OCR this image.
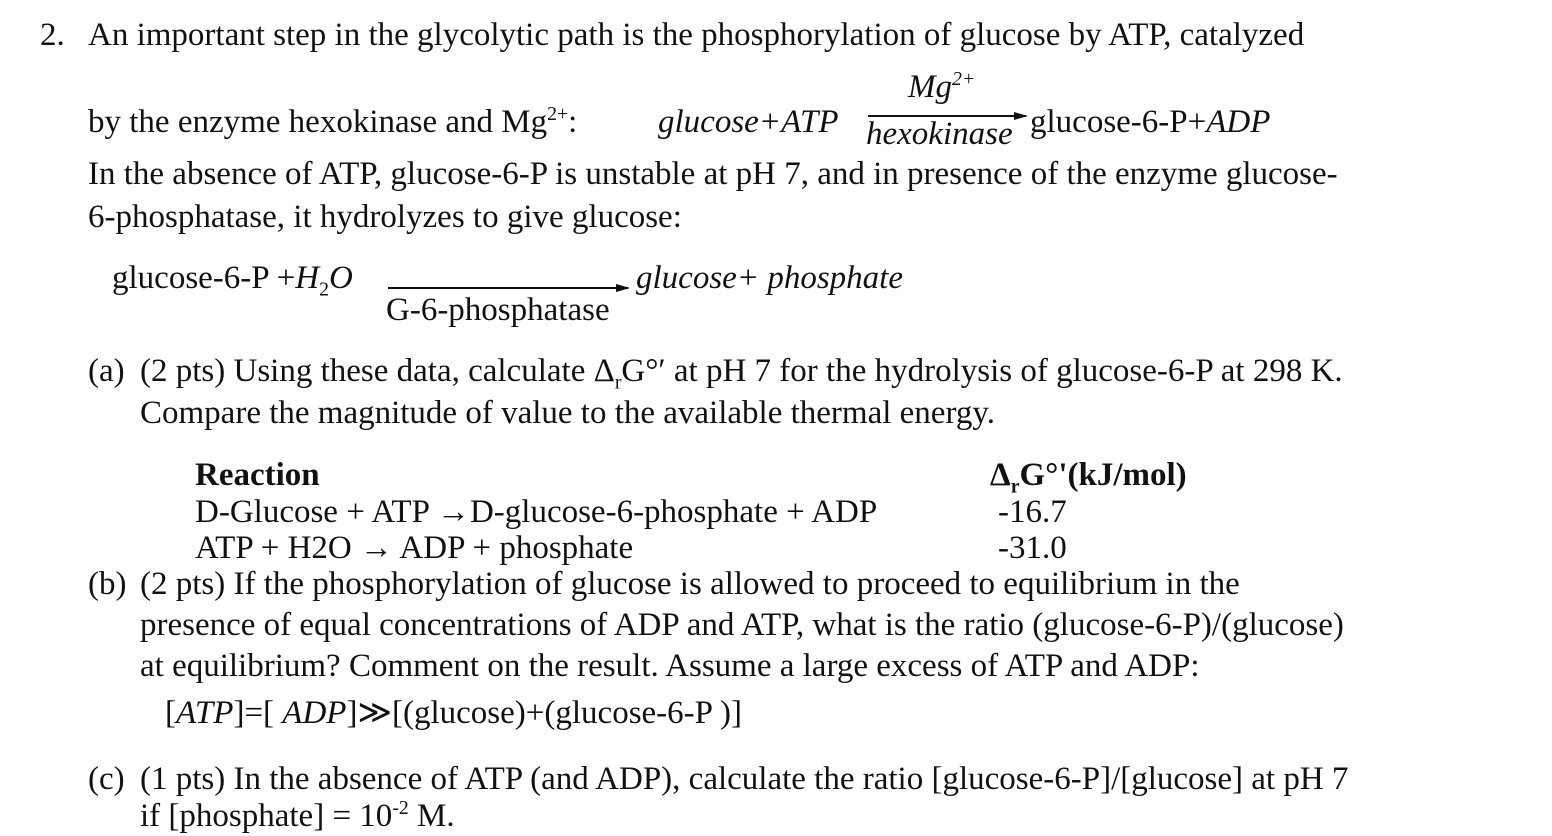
2. An important step in the glycolytic path is the phosphorylation of glucose by ATP, catalyzed
by the enzyme hexokinase and $Mg^{2+}$: glucose+ATP
$Mg^{2+}$
hexokinase glucose-6-P+ADP
In the absence of ATP, glucose-6-P is unstable at pH 7, and in presence of the enzyme glucose-
6-phosphatase, it hydrolyzes to give glucose:
$glucose-6-P +H_2O$
G-6-phosphatase
glucose+ phosphate
(a) (2 pts) Using these data, calculate $\Delta_rG^\circ'$ at pH 7 for the hydrolysis of glucose-6-P at 298 K.
Compare the magnitude of value to the available thermal energy.
Reaction	$\Delta_rG^\circ'(kJ/mol)$
D-Glucose + ATP →D-glucose-6-phosphate + ADP	-16.7
ATP + H2O → ADP + phosphate	-31.0
(b) (2 pts) If the phosphorylation of glucose is allowed to proceed to equilibrium in the
presence of equal concentrations of ADP and ATP, what is the ratio (glucose-6-P)/(glucose)
at equilibrium? Comment on the result. Assume a large excess of ATP and ADP:
[ATP]=[ ADP]≫[(glucose)+(glucose-6-P )]
(c) (1 pts) In the absence of ATP (and ADP), calculate the ratio [glucose-6-P]/[glucose] at pH 7
if [phosphate] = $10^{-2}$ M.
